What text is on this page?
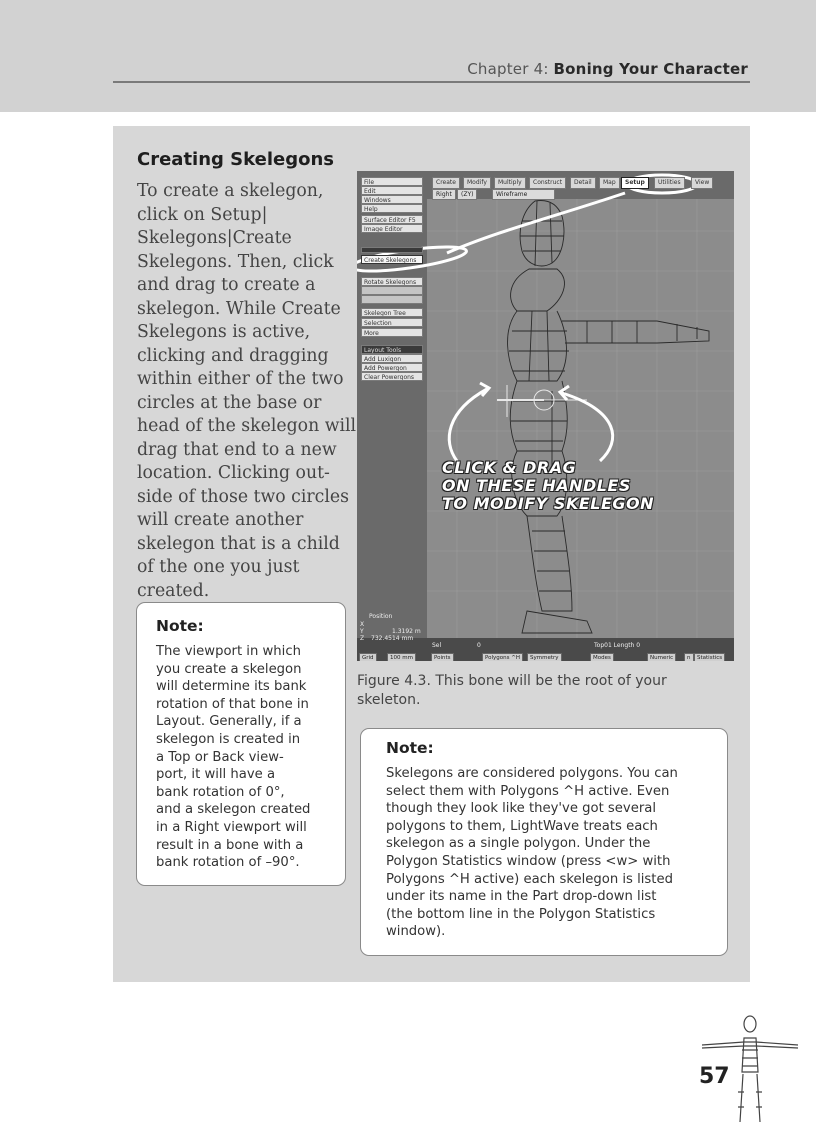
Chapter 4: Boning Your Character
Creating Skelegons
To create a skelegon,
click on Setup|
Skelegons|Create
Skelegons. Then, click
and drag to create a
skelegon. While Create
Skelegons is active,
clicking and dragging
within either of the two
circles at the base or
head of the skelegon will
drag that end to a new
location. Clicking out-
side of those two circles
will create another
skelegon that is a child
of the one you just
created.
Note:
The viewport in which
you create a skelegon
will determine its bank
rotation of that bone in
Layout. Generally, if a
skelegon is created in
a Top or Back view-
port, it will have a
bank rotation of 0°,
and a skelegon created
in a Right viewport will
result in a bone with a
bank rotation of –90°.
File
Edit
Windows
Help
Surface Editor F5
Image Editor
Create Skelegons
Rotate Skelegons
Skelegon Tree
Selection
More
Layout Tools
Add Luxigon
Add Powergon
Clear Powergons
Create	Modify	Multiply	Construct	Detail	Map	Setup	Utilities	View
Right	(ZY)	Wireframe
Position
X
Y
Z
1.3192 m
732.4514 mm
Sel	0	Top01 Length 0
Grid	100 mm	Points	Polygons ^H	Symmetry	Modes	Numeric	n	Statistics
CLICK & DRAG
ON THESE HANDLES
TO MODIFY SKELEGON
Figure 4.3. This bone will be the root of your
skeleton.
Note:
Skelegons are considered polygons. You can
select them with Polygons ^H active. Even
though they look like they've got several
polygons to them, LightWave treats each
skelegon as a single polygon. Under the
Polygon Statistics window (press <w> with
Polygons ^H active) each skelegon is listed
under its name in the Part drop-down list
(the bottom line in the Polygon Statistics
window).
57
